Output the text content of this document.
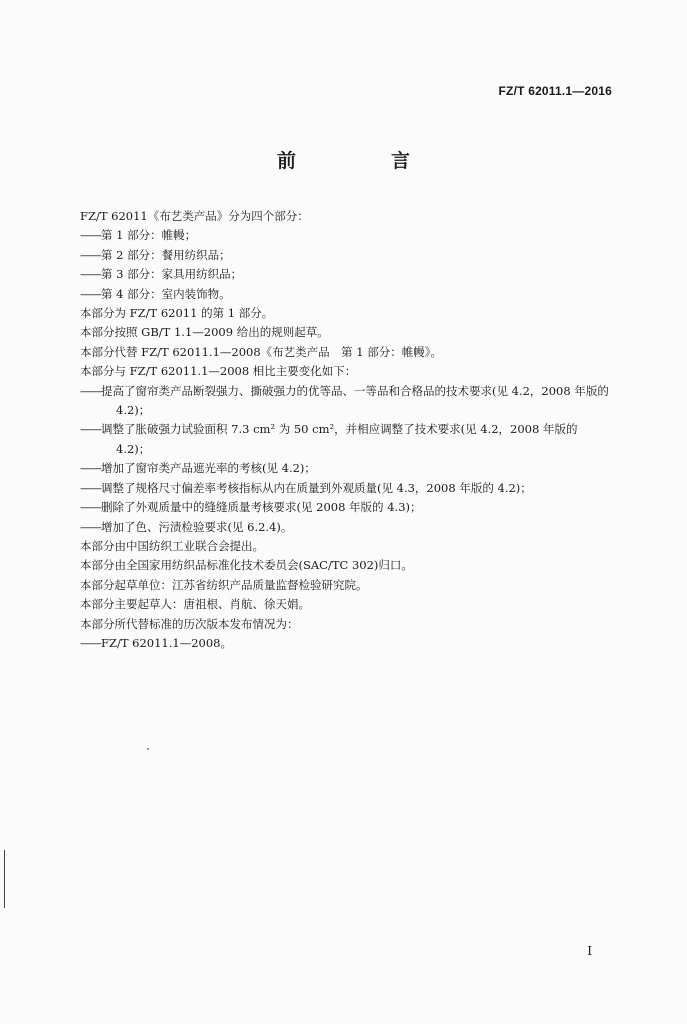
FZ/T 62011.1—2016
前　言

FZ/T 62011《布艺类产品》分为四个部分：

——第 1 部分：帷幔；

——第 2 部分：餐用纺织品；

——第 3 部分：家具用纺织品；

——第 4 部分：室内装饰物。

本部分为 FZ/T 62011 的第 1 部分。

本部分按照 GB/T 1.1—2009 给出的规则起草。

本部分代替 FZ/T 62011.1—2008《布艺类产品　第 1 部分：帷幔》。

本部分与 FZ/T 62011.1—2008 相比主要变化如下：

——提高了窗帘类产品断裂强力、撕破强力的优等品、一等品和合格品的技术要求(见 4.2，2008 年版的 4.2)；

——调整了胀破强力试验面积 7.3 cm² 为 50 cm²，并相应调整了技术要求(见 4.2，2008 年版的 4.2)；

——增加了窗帘类产品遮光率的考核(见 4.2)；

——调整了规格尺寸偏差率考核指标从内在质量到外观质量(见 4.3，2008 年版的 4.2)；

——删除了外观质量中的缝缝质量考核要求(见 2008 年版的 4.3)；

——增加了色、污渍检验要求(见 6.2.4)。

本部分由中国纺织工业联合会提出。

本部分由全国家用纺织品标准化技术委员会(SAC/TC 302)归口。

本部分起草单位：江苏省纺织产品质量监督检验研究院。

本部分主要起草人：唐祖根、肖航、徐天娟。

本部分所代替标准的历次版本发布情况为：

——FZ/T 62011.1—2008。

I
